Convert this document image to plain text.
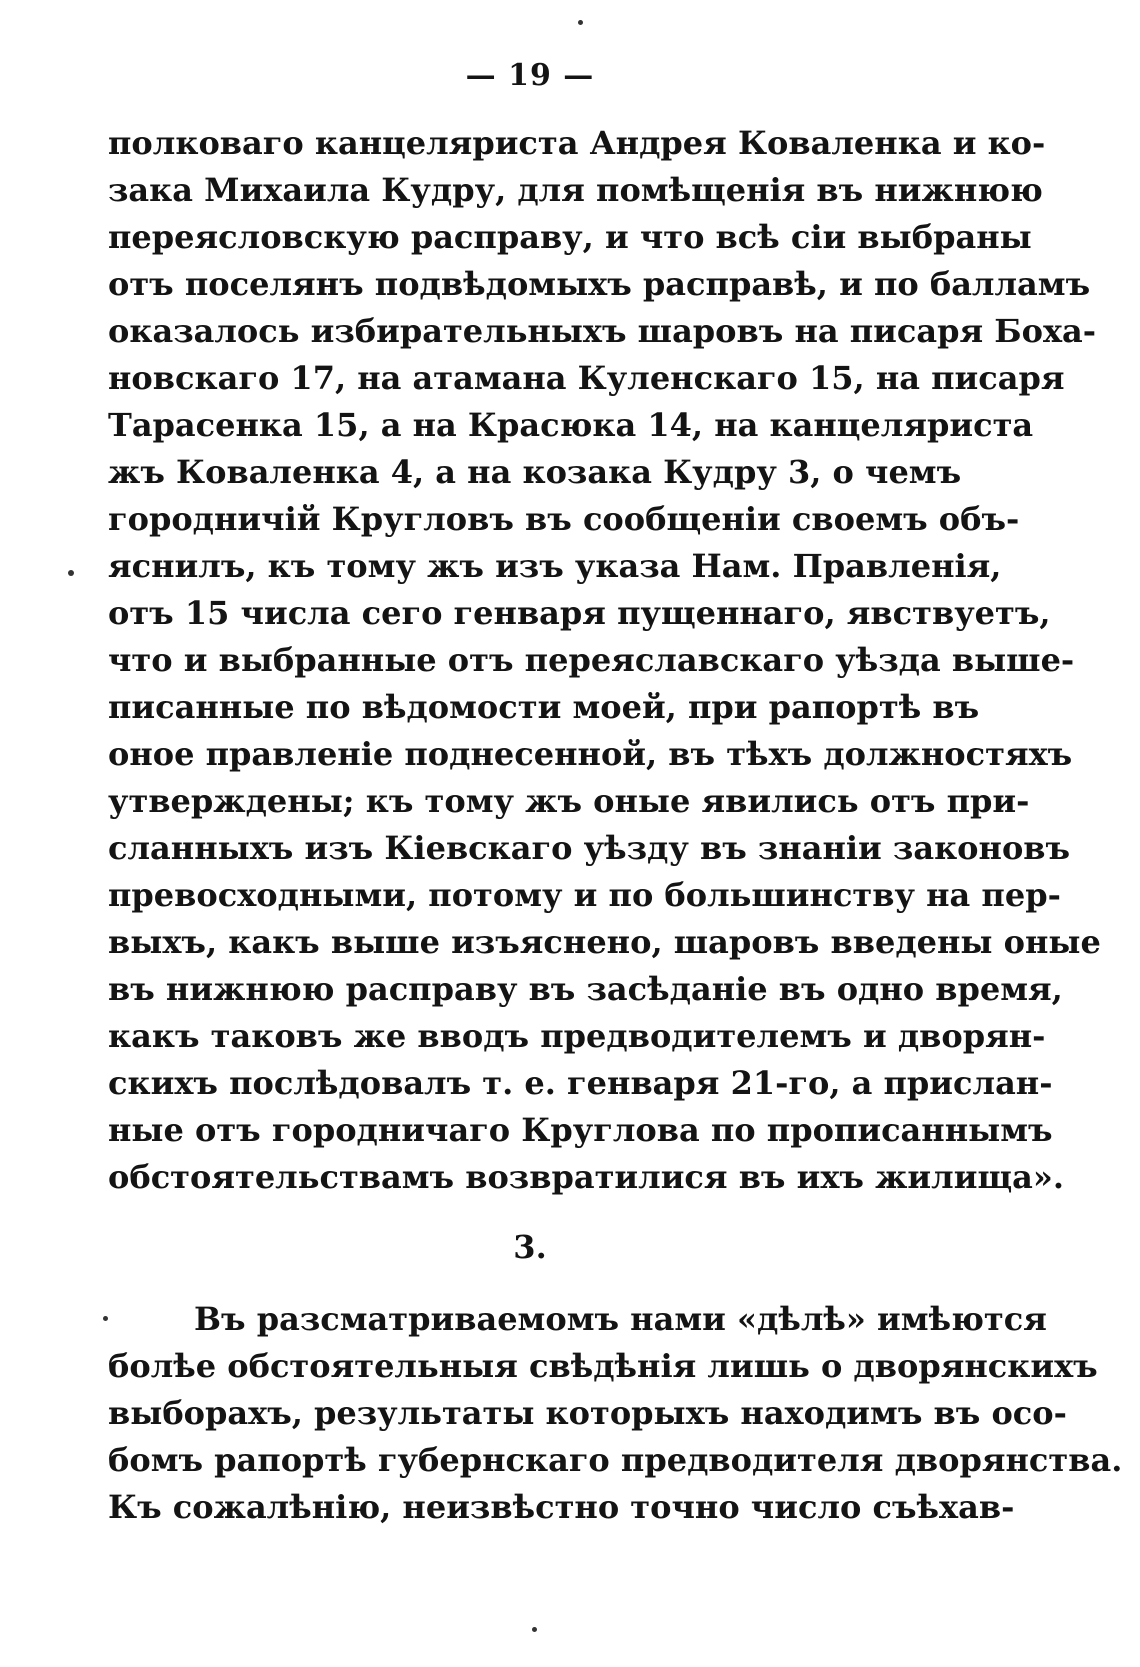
— 19 —
полковаго канцеляриста Андрея Коваленка и ко-
зака Михаила Кудру, для помѣщенія въ нижнюю
переясловскую расправу, и что всѣ сіи выбраны
отъ поселянъ подвѣдомыхъ расправѣ, и по балламъ
оказалось избирательныхъ шаровъ на писаря Боха-
новскаго 17, на атамана Куленскаго 15, на писаря
Тарасенка 15, а на Красюка 14, на канцеляриста
жъ Коваленка 4, а на козака Кудру 3, о чемъ
городничій Кругловъ въ сообщеніи своемъ объ-
яснилъ, къ тому жъ изъ указа Нам. Правленія,
отъ 15 числа сего генваря пущеннаго, явствуетъ,
что и выбранные отъ переяславскаго уѣзда выше-
писанные по вѣдомости моей, при рапортѣ въ
оное правленіе поднесенной, въ тѣхъ должностяхъ
утверждены; къ тому жъ оные явились отъ при-
сланныхъ изъ Кіевскаго уѣзду въ знаніи законовъ
превосходными, потому и по большинству на пер-
выхъ, какъ выше изъяснено, шаровъ введены оные
въ нижнюю расправу въ засѣданіе въ одно время,
какъ таковъ же вводъ предводителемъ и дворян-
скихъ послѣдовалъ т. е. генваря 21-го, а прислан-
ные отъ городничаго Круглова по прописаннымъ
обстоятельствамъ возвратилися въ ихъ жилища».
3.
Въ разсматриваемомъ нами «дѣлѣ» имѣются
болѣе обстоятельныя свѣдѣнія лишь о дворянскихъ
выборахъ, результаты которыхъ находимъ въ осо-
бомъ рапортѣ губернскаго предводителя дворянства.
Къ сожалѣнію, неизвѣстно точно число съѣхав-
